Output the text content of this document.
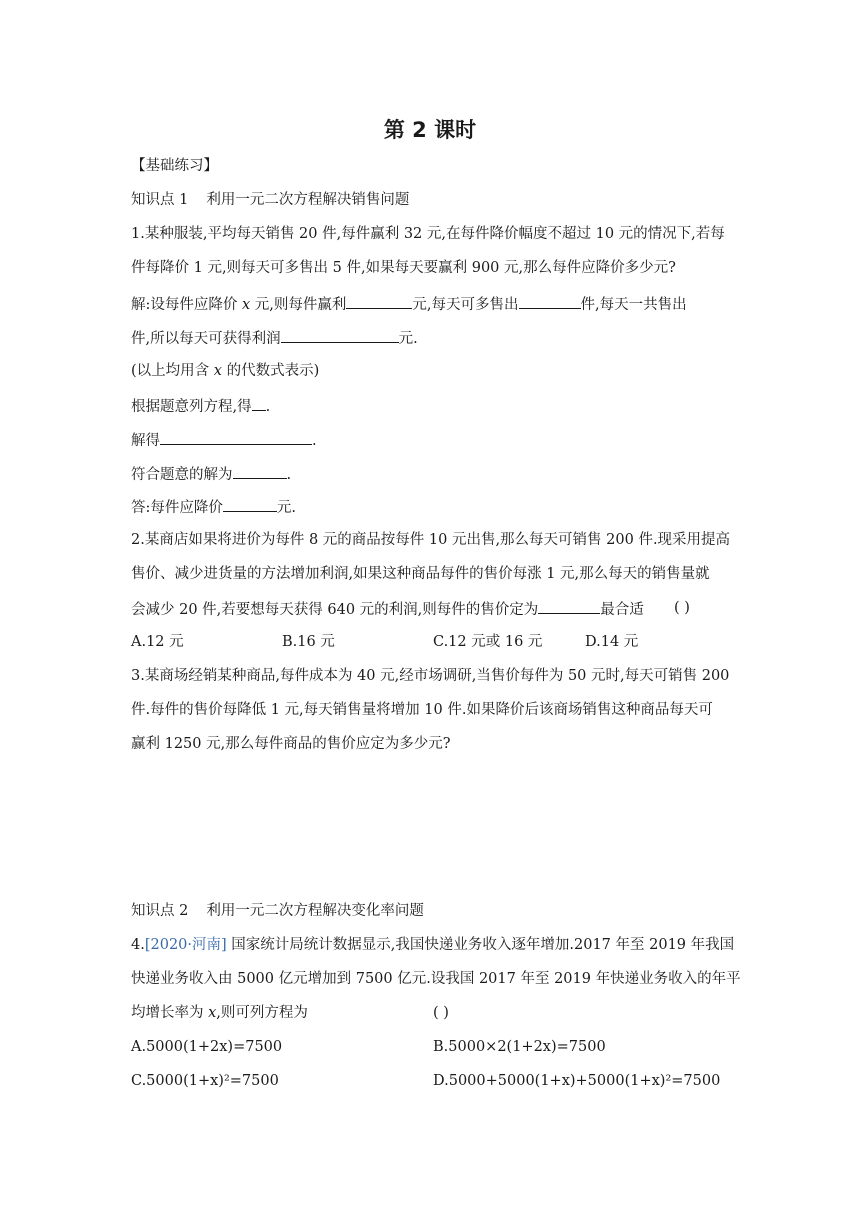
第 2 课时
【基础练习】
知识点 1 利用一元二次方程解决销售问题
1.某种服装,平均每天销售 20 件,每件赢利 32 元,在每件降价幅度不超过 10 元的情况下,若每
件每降价 1 元,则每天可多售出 5 件,如果每天要赢利 900 元,那么每件应降价多少元?
解:设每件应降价 x 元,则每件赢利	元,每天可多售出	件,每天一共售出
件,所以每天可获得利润	元.
(以上均用含 x 的代数式表示)
根据题意列方程,得 .
解得	.
符合题意的解为	.
答:每件应降价	元.
2.某商店如果将进价为每件 8 元的商品按每件 10 元出售,那么每天可销售 200 件.现采用提高
售价、减少进货量的方法增加利润,如果这种商品每件的售价每涨 1 元,那么每天的销售量就
会减少 20 件,若要想每天获得 640 元的利润,则每件的售价定为	最合适 ( )
A.12 元	B.16 元	C.12 元或 16 元	D.14 元
3.某商场经销某种商品,每件成本为 40 元,经市场调研,当售价每件为 50 元时,每天可销售 200
件.每件的售价每降低 1 元,每天销售量将增加 10 件.如果降价后该商场销售这种商品每天可
赢利 1250 元,那么每件商品的售价应定为多少元?
知识点 2 利用一元二次方程解决变化率问题
4.[2020·河南] 国家统计局统计数据显示,我国快递业务收入逐年增加.2017 年至 2019 年我国
快递业务收入由 5000 亿元增加到 7500 亿元.设我国 2017 年至 2019 年快递业务收入的年平
均增长率为 x,则可列方程为	( )
A.5000(1+2x)=7500	B.5000×2(1+2x)=7500
C.5000(1+x)²=7500	D.5000+5000(1+x)+5000(1+x)²=7500
